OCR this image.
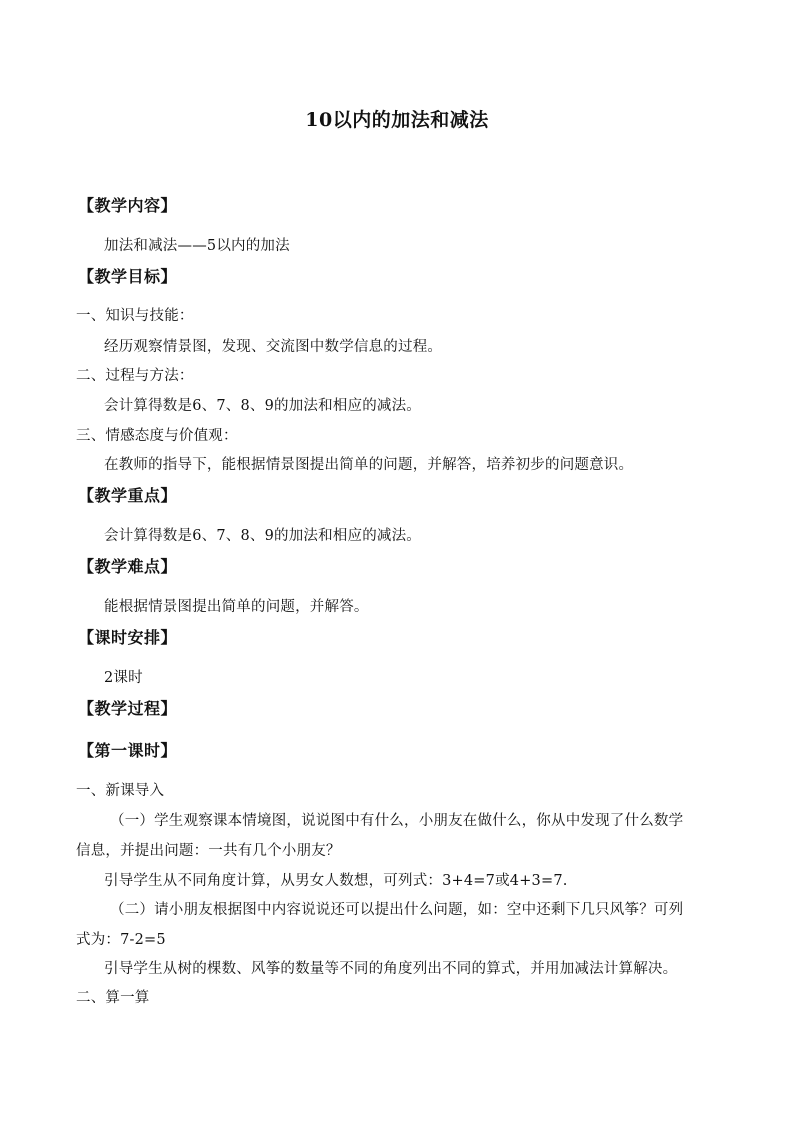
10以内的加法和减法
【教学内容】
加法和减法——5以内的加法
【教学目标】
一、知识与技能：
经历观察情景图，发现、交流图中数学信息的过程。
二、过程与方法：
会计算得数是6、7、8、9的加法和相应的减法。
三、情感态度与价值观：
在教师的指导下，能根据情景图提出简单的问题，并解答，培养初步的问题意识。
【教学重点】
会计算得数是6、7、8、9的加法和相应的减法。
【教学难点】
能根据情景图提出简单的问题，并解答。
【课时安排】
2课时
【教学过程】
【第一课时】
一、新课导入
（一）学生观察课本情境图，说说图中有什么，小朋友在做什么，你从中发现了什么数学
信息，并提出问题：一共有几个小朋友？
引导学生从不同角度计算，从男女人数想，可列式：3+4=7或4+3=7.
（二）请小朋友根据图中内容说说还可以提出什么问题，如：空中还剩下几只风筝？可列
式为：7-2=5
引导学生从树的棵数、风筝的数量等不同的角度列出不同的算式，并用加减法计算解决。
二、算一算
